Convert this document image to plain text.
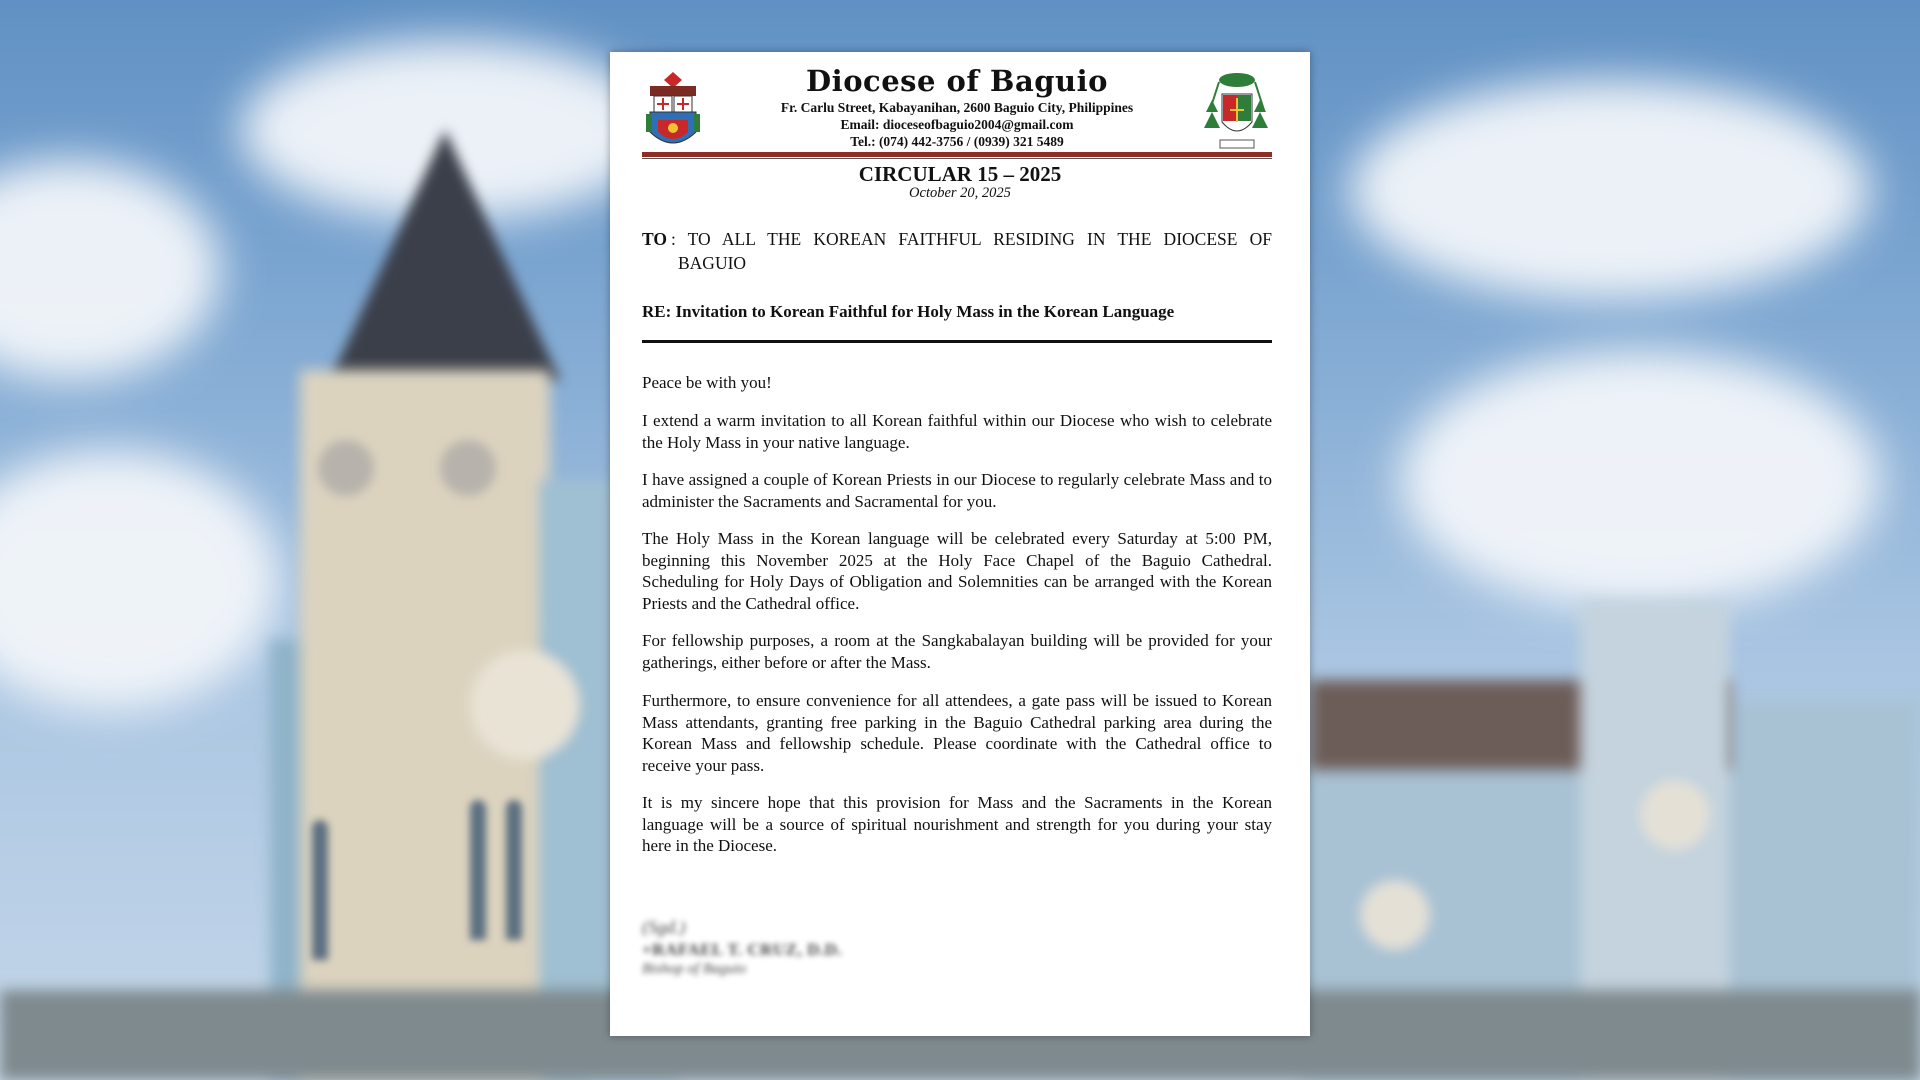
Diocese of Baguio
Fr. Carlu Street, Kabayanihan, 2600 Baguio City, Philippines
Email: dioceseofbaguio2004@gmail.com
Tel.: (074) 442-3756 / (0939) 321 5489
CIRCULAR 15 – 2025
October 20, 2025
TO : TO ALL THE KOREAN FAITHFUL RESIDING IN THE DIOCESE OF
BAGUIO
RE: Invitation to Korean Faithful for Holy Mass in the Korean Language

Peace be with you!

I extend a warm invitation to all Korean faithful within our Diocese who wish to celebrate the Holy Mass in your native language.

I have assigned a couple of Korean Priests in our Diocese to regularly celebrate Mass and to administer the Sacraments and Sacramental for you.

The Holy Mass in the Korean language will be celebrated every Saturday at 5:00 PM, beginning this November 2025 at the Holy Face Chapel of the Baguio Cathedral. Scheduling for Holy Days of Obligation and Solemnities can be arranged with the Korean Priests and the Cathedral office.

For fellowship purposes, a room at the Sangkabalayan building will be provided for your gatherings, either before or after the Mass.

Furthermore, to ensure convenience for all attendees, a gate pass will be issued to Korean Mass attendants, granting free parking in the Baguio Cathedral parking area during the Korean Mass and fellowship schedule. Please coordinate with the Cathedral office to receive your pass.

It is my sincere hope that this provision for Mass and the Sacraments in the Korean language will be a source of spiritual nourishment and strength for you during your stay here in the Diocese.

(Sgd.)
+RAFAEL T. CRUZ, D.D.
Bishop of Baguio
